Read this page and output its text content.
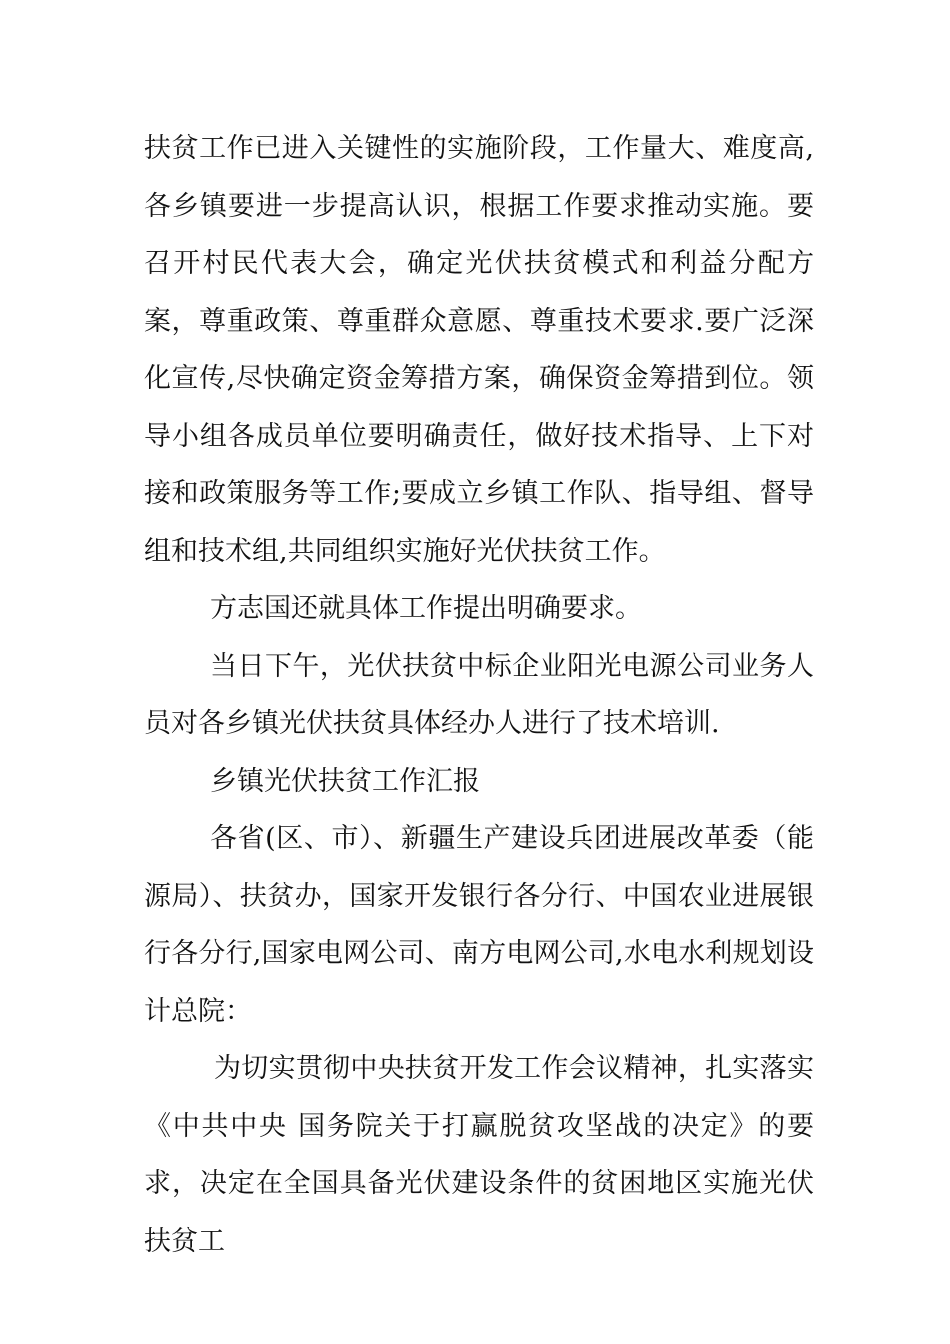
扶贫工作已进入关键性的实施阶段，工作量大、难度高,各乡镇要进一步提高认识，根据工作要求推动实施。要召开村民代表大会，确定光伏扶贫模式和利益分配方案，尊重政策、尊重群众意愿、尊重技术要求.要广泛深化宣传,尽快确定资金筹措方案，确保资金筹措到位。领导小组各成员单位要明确责任，做好技术指导、上下对接和政策服务等工作;要成立乡镇工作队、指导组、督导组和技术组,共同组织实施好光伏扶贫工作。

方志国还就具体工作提出明确要求。

当日下午，光伏扶贫中标企业阳光电源公司业务人员对各乡镇光伏扶贫具体经办人进行了技术培训.

乡镇光伏扶贫工作汇报

各省(区、市）、新疆生产建设兵团进展改革委（能源局）、扶贫办，国家开发银行各分行、中国农业进展银行各分行,国家电网公司、南方电网公司,水电水利规划设计总院：

为切实贯彻中央扶贫开发工作会议精神，扎实落实《中共中央 国务院关于打赢脱贫攻坚战的决定》的要求，决定在全国具备光伏建设条件的贫困地区实施光伏扶贫工
